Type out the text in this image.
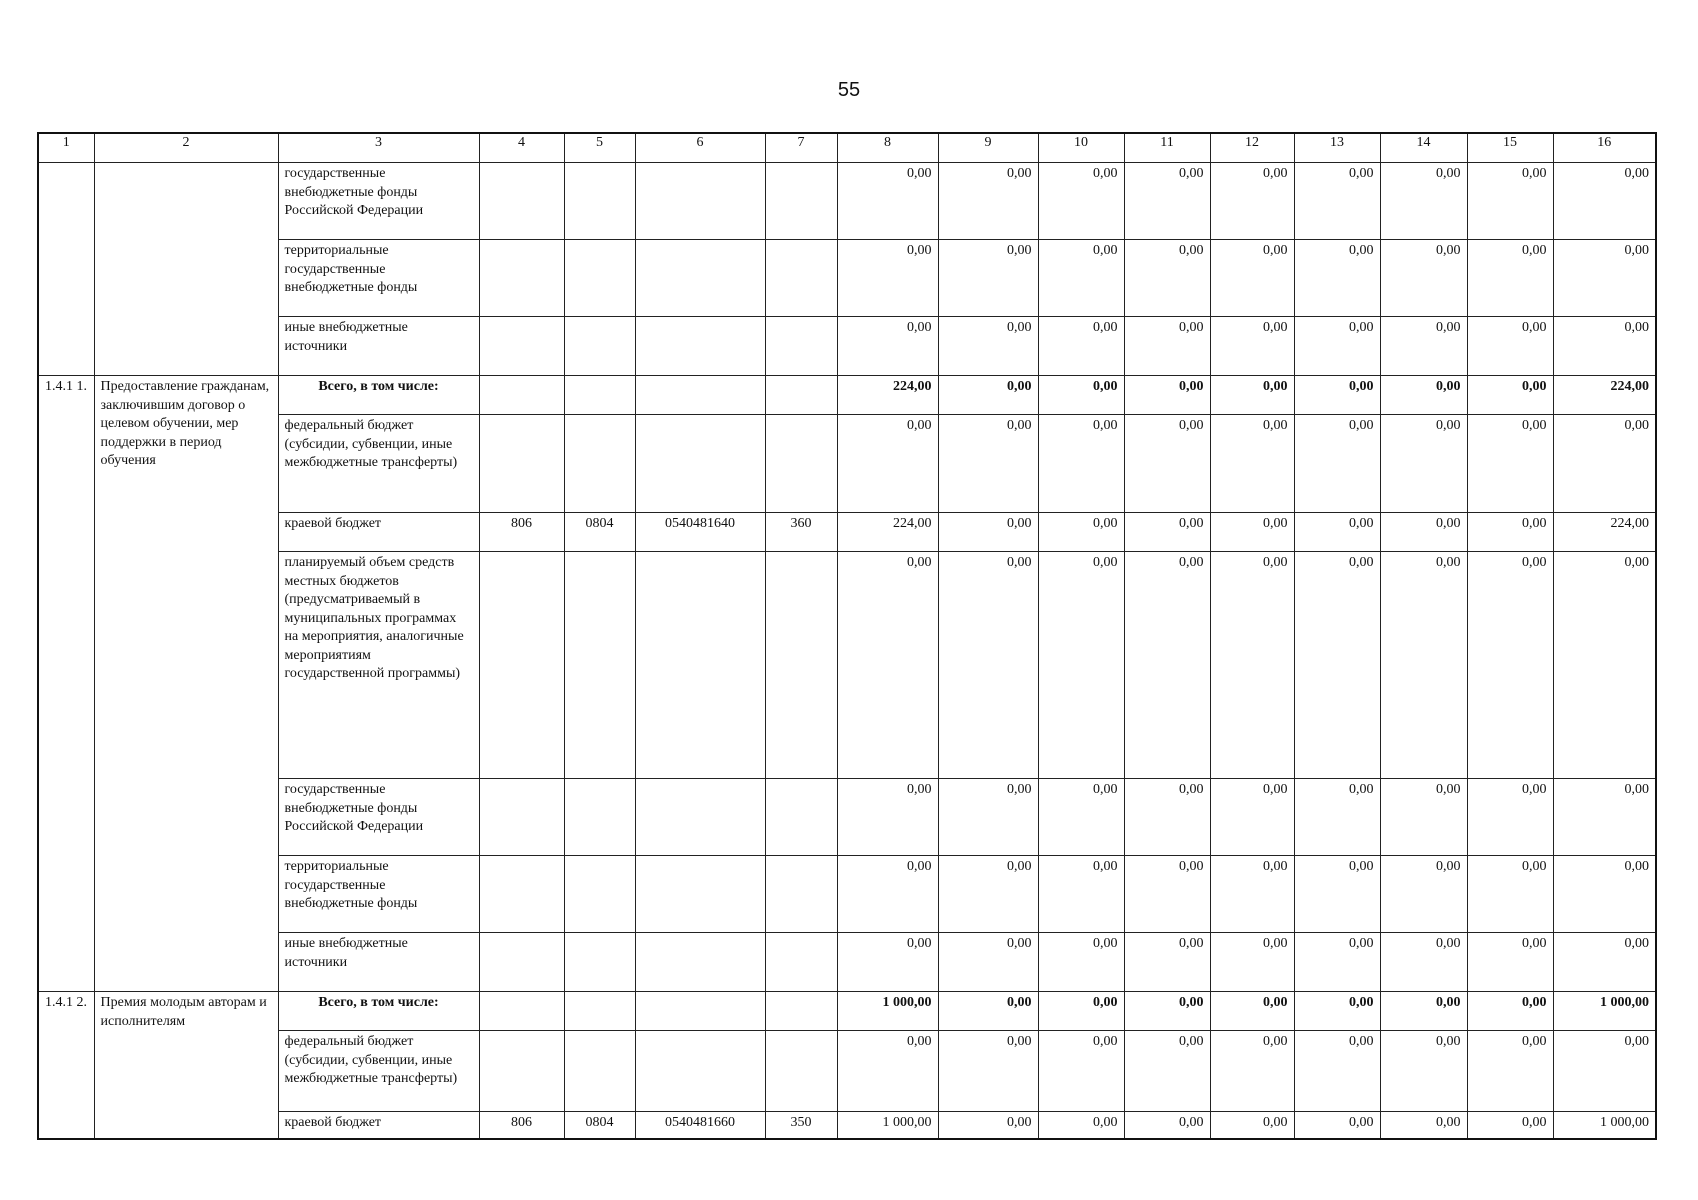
55
1	2	3	4	5	6	7	8	9	10	11	12	13	14	15	16
		государственные внебюджетные фонды Российской Федерации					0,00	0,00	0,00	0,00	0,00	0,00	0,00	0,00	0,00
		территориальные государственные внебюджетные фонды					0,00	0,00	0,00	0,00	0,00	0,00	0,00	0,00	0,00
		иные внебюджетные источники					0,00	0,00	0,00	0,00	0,00	0,00	0,00	0,00	0,00
1.4.1 1.	Предоставление гражданам, заключившим договор о целевом обучении, мер поддержки в период обучения	Всего, в том числе:					224,00	0,00	0,00	0,00	0,00	0,00	0,00	0,00	224,00
		федеральный бюджет (субсидии, субвенции, иные межбюджетные трансферты)					0,00	0,00	0,00	0,00	0,00	0,00	0,00	0,00	0,00
		краевой бюджет	806	0804	0540481640	360	224,00	0,00	0,00	0,00	0,00	0,00	0,00	0,00	224,00
		планируемый объем средств местных бюджетов (предусматриваемый в муниципальных программах на мероприятия, аналогичные мероприятиям государственной программы)					0,00	0,00	0,00	0,00	0,00	0,00	0,00	0,00	0,00
		государственные внебюджетные фонды Российской Федерации					0,00	0,00	0,00	0,00	0,00	0,00	0,00	0,00	0,00
		территориальные государственные внебюджетные фонды					0,00	0,00	0,00	0,00	0,00	0,00	0,00	0,00	0,00
		иные внебюджетные источники					0,00	0,00	0,00	0,00	0,00	0,00	0,00	0,00	0,00
1.4.1 2.	Премия молодым авторам и исполнителям	Всего, в том числе:					1 000,00	0,00	0,00	0,00	0,00	0,00	0,00	0,00	1 000,00
		федеральный бюджет (субсидии, субвенции, иные межбюджетные трансферты)					0,00	0,00	0,00	0,00	0,00	0,00	0,00	0,00	0,00
		краевой бюджет	806	0804	0540481660	350	1 000,00	0,00	0,00	0,00	0,00	0,00	0,00	0,00	1 000,00
